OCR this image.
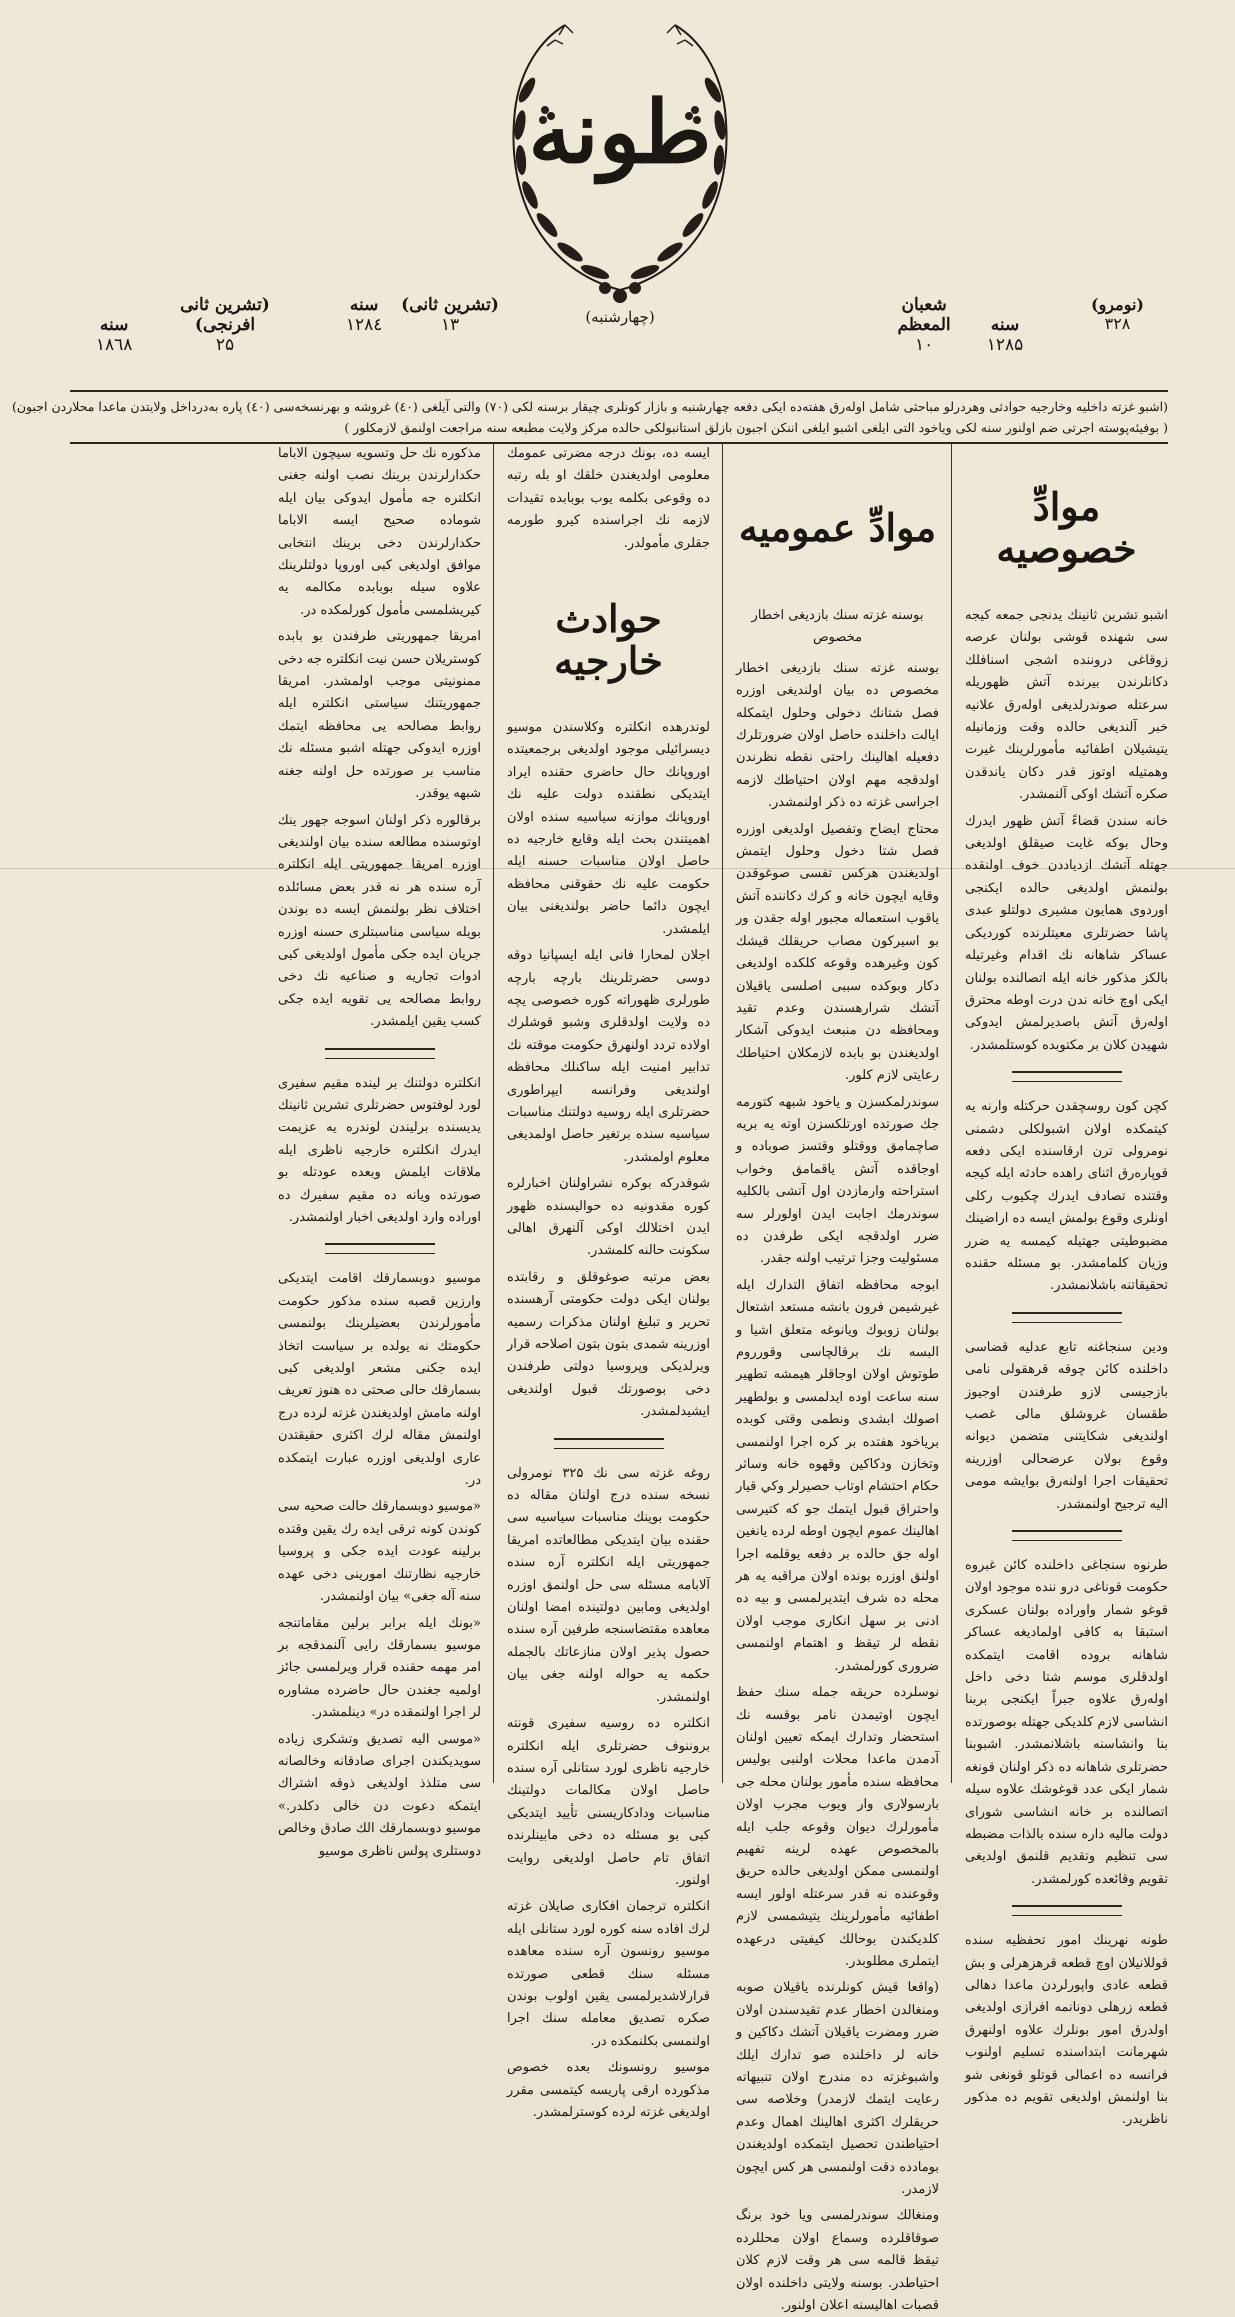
طونه
(چهارشنبه)
(نومرو)
۳۲۸
سنه شعبان المعظم
۱۲۸۵ ۱۰
(تشرين ثانى) سنه
۱۳ ۱۲۸٤
(تشرين ثانى افرنجى) سنه
۲۵ ۱۸٦۸

(اشبو غزته داخليه وخارجيه حوادثى وهردرلو مباحثى شامل اولەرق هفتەده ايكى دفعه چهارشنبه و بازار كونلرى چيقار برسنه لكى (۷۰) والتى آيلغى (٤۰) غروشه و بهرنسخەسى (٤۰) پاره بەدرداخل ولايتدن ماعدا محلاردن اجبون)

( بوفيئەپوسته اجرتى ضم اولنور سنه لكى وياخود التى ايلغى اشبو ايلغى اننكن اجبون بازلق استانبولكى حالده مركز ولايت مطبعه سنه مراجعت اولنمق لازمكلور )

موادِّ خصوصيه

اشبو تشرين ثانينك يدنجى جمعه كيجه سى شهنده قوشى بولنان عرصه زوقاغى دروننده اشجى اسنافلك دكانلرندن بيرنده آتش ظهوريله سرعتله صوندرلديغى اولەرق علانيه خبر آلنديغى حالده وقت وزمانيله يتيشيلان اطفائيه مأمورلرينك غيرت وهمتيله اوتوز قدر دكان ياندقدن صكره آتشك اوكى آلنمشدر.

خانه سندن قضاءً آتش ظهور ايدرك وحال بوكه غايت صيقلق اولديغى جهتله آتشك ازدياددن خوف اولنقده بولنمش اولديغى حالده ايكنجى اوردوى همايون مشيرى دولتلو عبدى پاشا حضرتلرى معيتلرنده كورديكى عساكر شاهانه نك اقدام وغيرتيله بالكز مذكور خانه ايله اتصالنده بولنان ايكى اوچ خانه ندن درت اوطه محترق اولەرق آتش باصديرلمش ايدوكى شهيدن كلان بر مكتوبده كوستلمشدر.

كچن كون روسچقدن حركتله وارنه يه كيتمكده اولان اشبولكلى دشمنى نومرولى ترن ارقاسنده ايكى دفعه قوپارەرق اثناى راهده حادثه ايله كيجه وقتنده تصادف ايدرك چكيوب ركلى اونلرى وقوع بولمش ايسه ده اراضينك مضبوطيتى جهتيله كيمسه يه ضرر وزيان كلمامشدر. بو مسئله حقنده تحقيقاتنه باشلانمشدر.

ودين سنجاغنه تابع عدليه قضاسى داخلنده كائن چوقه قرهقولى نامى بازجيسى لازو طرفندن اوجيوز طقسان غروشلق مالى غصب اولنديغى شكايتنى متضمن ديوانه وقوع بولان عرضحالى اوزرينه تحقيقات اجرا اولنەرق بوايشه مومى اليه ترجيح اولنمشدر.

طرنوه سنجاغى داخلنده كائن غبروه حكومت قوناغى درو ننده موجود اولان قوغو شمار واوراده بولنان عسكرى استبقا به كافى اولماديغه عساكر شاهانه بروده اقامت ايتمكده اولدقلرى موسم شتا دخى داخل اولەرق علاوه جبراً ايكنجى بربنا انشاسى لازم كلديكى جهتله بوصورتده بنا وانشاسنه باشلانمشدر. اشبوبنا حضرتلرى شاهانه ده ذكر اولنان قونغه شمار ايكى عدد قوغوشك علاوه سيله اتصالنده بر خانه انشاسى شوراى دولت ماليه داره سنده بالذات مضبطه سى تنظيم وتقديم قلنمق اولديغى تقويم وقائعده كورلمشدر.

طونه نهرينك امور تحفظيه سنده قوللانيلان اوچ قطعه قرهزهرلى و بش قطعه عادى واپورلردن ماعدا دهالى قطعه زرهلى دونانمه افرازى اولديغى اولدرق امور بونلرك علاوه اولنهرق شهرمانت ابتداسنده تسليم اولنوب فرانسه ده اعمالى قوتلو قونغى شو بنا اولنمش اولديغى تقويم ده مذكور ناظريدر.

موادِّ عموميه
بوسنه غزته سنك بازديغى اخطار مخصوص

بوسنه غزته سنك بازديغى اخطار مخصوص ده بيان اولنديغى اوزره فصل شتانك دخولى وحلول ايتمكله ايالت داخلنده حاصل اولان ضرورتلرك دفعيله اهالينك راحتى نقطه نظرندن اولدقجه مهم اولان احتياطك لازمه اجراسى غزته ده ذكر اولنمشدر.

محتاج ايضاح وتفصيل اولديغى اوزره فصل شتا دخول وحلول ايتمش اولديغندن هركس تفسى صوغوقدن وقايه ايچون خانه و كرك دكاننده آتش ياقوب استعماله مجبور اوله جقدن ور بو اسيركون مصاب حريقلك قيشك كون وغيرهده وقوعه كلكده اولديغى دكار وبوكده سببى اصلسى ياقيلان آتشك شرارهسندن وعدم تقيد ومحافظه دن منبعث ايدوكى آشكار اولديغندن بو بابده لازمكلان احتياطك رعايتى لازم كلور.

سوندرلمكسزن و ياخود شبهه كتورمه جك صورتده اورتلكسزن اوته يه بريه صاچمامق ووقتلو وقتسز صوباده و اوجاقده آتش ياقمامق وخواب استراحته وارمازدن اول آتشى بالكليه سوندرمك اجابت ايدن اولورلر سه ضرر اولدقجه ايكى طرفدن ده مسئوليت وجزا ترتيب اولنه جقدر.

ابوجه محافظه اتفاق التدارك ايله غيرشيمن فرون بانشه مستعد اشتعال بولنان زوبوك ويانوغه متعلق اشيا و البسه نك برقالچاسى وقورروم طوتوش اولان اوجاقلر هيمشه تطهير سنه ساعت اوده ايدلمسى و بولطهير اصولك ابشدى ونطمى وقتى كوبده برياخود هفتده بر كره اجرا اولنمسى وتخازن ودكاكين وقهوه خانه وساثر حكام احتشام اوتاب حصيرلر وكي قيار واحتراق قبول ايتمك جو كه كتيرسى اهالينك عموم ايچون اوطه لرده يانغين اوله جق حالده بر دفعه يوقلمه اجرا اولنق اوزره بونده اولان مراقبه يه هر محله ده شرف ايتديرلمسى و بيه ده ادنى بر سهل انكارى موجب اولان نقطه لر تيقظ و اهتمام اولنمسى ضرورى كورلمشدر.

نوسلرده حريقه جمله سنك حفظ ايچون اوتيمدن نامر بوقسه نك استحضار وتدارك ايمكه تعيين اولنان آدمدن ماعدا محلات اولنبى بوليس محافظه سنده مأمور بولنان محله جى بارسولارى وار ويوب مجرب اولان مأمورلرك ديوان وقوعه جلب ايله بالمخصوص عهده لرينه تفهيم اولنمسى ممكن اولديغى حالده حريق وقوعنده نه قدر سرعتله اولور ايسه اطفائيه مأمورلرينك يتيشمسى لازم كلديكندن بوحالك كيفيتى درعهده ايتملرى مطلوبدر.

(واقعا قيش كونلرنده ياقيلان صوبه ومنغالدن اخطار عدم تقيدسندن اولان ضرر ومضرت ياقيلان آتشك دكاكين و خانه لر داخلنده صو تدارك ايلك واشبوغزته ده مندرج اولان تنبيهاته رعايت ايتمك لازمدر) وخلاصه سى حريقلرك اكثرى اهالينك اهمال وعدم احتياطندن تحصيل ايتمكده اولديغندن بومادده دقت اولنمسى هر كس ايچون لازمدر.

ومنغالك سوندرلمسى ويا خود برنگ صوقاقلرده وسماع اولان محللرده تيقظ قالمه سى هر وقت لازم كلان احتياطدر. بوسنه ولايتى داخلنده اولان قصبات اهاليسنه اعلان اولنور.

ايسه ده، بونك درجه مضرتى عمومك معلومى اولديغندن خلقك او بله رتبه ده وقوعى بكلمه يوب بوبابده تقيدات لازمه نك اجراسنده كيرو طورمه جقلرى مأمولدر.

حوادث خارجيه

لوندرهده انكلتره وكلاسندن موسيو ديسرائيلى موجود اولديغى برجمعيتده اوروپانك حال حاضرى حقنده ايراد ايتديكى نطقنده دولت عليه نك اوروپانك موازنه سياسيه سنده اولان اهميتندن بحث ايله وقايع خارجيه ده حاصل اولان مناسبات حسنه ايله حكومت عليه نك حقوقنى محافظه ايچون دائما حاضر بولنديغنى بيان ايلمشدر.

اجلان لمحارا فانى ايله ايسپانيا دوقه دوسى حضرتلرينك بارچه بارچه طورلرى ظهوراته كوره خصوصى يچه ده ولايت اولدقلرى وشبو قوشلرك اولاده تردد اولنهرق حكومت موقته نك تدابير امنيت ايله ساكنلك محافظه اولنديغى وفرانسه ايپراطورى حضرتلرى ايله روسيه دولتنك مناسبات سياسيه سنده برتغير حاصل اولمديغى معلوم اولمشدر.

شوقدركه بوكره نشراولنان اخبارلره كوره مقدونيه ده حواليسنده ظهور ايدن اختلالك اوكى آلنهرق اهالى سكونت حالنه كلمشدر.

بعض مرتبه صوغوقلق و رقابتده بولنان ايكى دولت حكومتى آرهسنده تحرير و تبليغ اولنان مذكرات رسميه اوزرينه شمدى بتون بتون اصلاحه قرار ويرلديكى وپروسيا دولتى طرفندن دخى بوصورتك قبول اولنديغى ايشيدلمشدر.

روغه غزته سى نك ۳۲۵ نومرولى نسخه سنده درج اولنان مقاله ده حكومت بوينك مناسبات سياسيه سى حقنده بيان ايتديكى مطالعاتده امريقا جمهوريتى ايله انكلتره آره سنده آلابامه مسئله سى حل اولنمق اوزره اولديغى ومابين دولتينده امضا اولنان معاهده مقتضاسنجه طرفين آره سنده حصول پذير اولان منازعاتك بالجمله حكمه يه حواله اولنه جغى بيان اولنمشدر.

انكلتره ده روسيه سفيرى قونته بروننوف حضرتلرى ايله انكلتره خارجيه ناظرى لورد ستانلى آره سنده حاصل اولان مكالمات دولتينك مناسبات ودادكاريسنى تأييد ايتديكى كبى بو مسئله ده دخى مابينلرنده اتفاق تام حاصل اولديغى روايت اولنور.

انكلتره ترجمان افكارى صايلان غزته لرك افاده سنه كوره لورد ستانلى ايله موسيو رونسون آره سنده معاهده مسئله سنك قطعى صورتده قرارلاشديرلمسى يقين اولوب بوندن صكره تصديق معامله سنك اجرا اولنمسى بكلنمكده در.

موسيو رونسونك بعده خصوص مذكورده ارقى پاريسه كيتمسى مقرر اولديغى غزته لرده كوسترلمشدر.

مذكوره نك حل وتسويه سيچون الاباما حكدارلرندن برينك نصب اولنه جغنى انكلتره جه مأمول ايدوكى بيان ايله شوماده صحيح ايسه الاباما حكدارلرندن دخى برينك انتخابى موافق اولديغى كبى اوروپا دولتلرينك علاوه سيله بوبابده مكالمه يه كيريشلمسى مأمول كورلمكده در.

امريقا جمهوريتى طرفندن بو بابده كوستريلان حسن نيت انكلتره جه دخى ممنونيتى موجب اولمشدر. امريقا جمهوريتنك سياستى انكلتره ايله روابط مصالحه يى محافظه ايتمك اوزره ايدوكى جهتله اشبو مسئله نك مناسب بر صورتده حل اولنه جغنه شبهه يوقدر.

برقالوره ذكر اولنان اسوجه جهور ينك اوتوسنده مطالعه سنده بيان اولنديغى اوزره امريقا جمهوريتى ايله انكلتره آره سنده هر نه قدر بعض مسائلده اختلاف نظر بولنمش ايسه ده بوندن بويله سياسى مناسبتلرى حسنه اوزره جريان ايده جكى مأمول اولديغى كبى ادوات تجاريه و صناعيه نك دخى روابط مصالحه يى تقويه ايده جكى كسب يقين ايلمشدر.

انكلتره دولتنك بر لينده مقيم سفيرى لورد لوفتوس حضرتلرى تشرين ثانينك يديسنده برليندن لوندره يه عزيمت ايدرك انكلتره خارجيه ناظرى ايله ملاقات ايلمش وبعده عودتله بو صورتده ويانه ده مقيم سفيرك ده اوراده وارد اولديغى اخبار اولنمشدر.

موسيو دوبسمارقك اقامت ايتديكى وارزين قصبه سنده مذكور حكومت مأمورلرندن بعضيلرينك بولنمسى حكومتك نه يولده بر سياست اتخاذ ايده جكنى مشعر اولديغى كبى بسمارقك حالى صحتى ده هنوز تعريف اولنه مامش اولديغندن غزته لرده درج اولنمش مقاله لرك اكثرى حقيقتدن عارى اولديغى اوزره عبارت ايتمكده در.

«موسيو دوبسمارقك حالت صحيه سى كوندن كونه ترقى ايده رك يقين وقتده برلينه عودت ايده جكى و پروسيا خارجيه نظارتنك امورينى دخى عهده سنه آله جغى» بيان اولنمشدر.

«بونك ايله برابر برلين مقاماتنجه موسيو بسمارقك رايى آلنمدقجه بر امر مهمه حقنده قرار ويرلمسى جائز اولميه جغندن حال حاضرده مشاوره لر اجرا اولنمقده در» دينلمشدر.

«موسى اليه تصديق وتشكرى زيادە سويديكندن اجراى صادقانه وخالصانه سى متلذذ اولديغى ذوقه اشتراك ايتمكه دعوت دن خالى دكلدر.» موسيو دوبسمارقك الك صادق وخالص دوستلرى پولس ناظرى موسيو
